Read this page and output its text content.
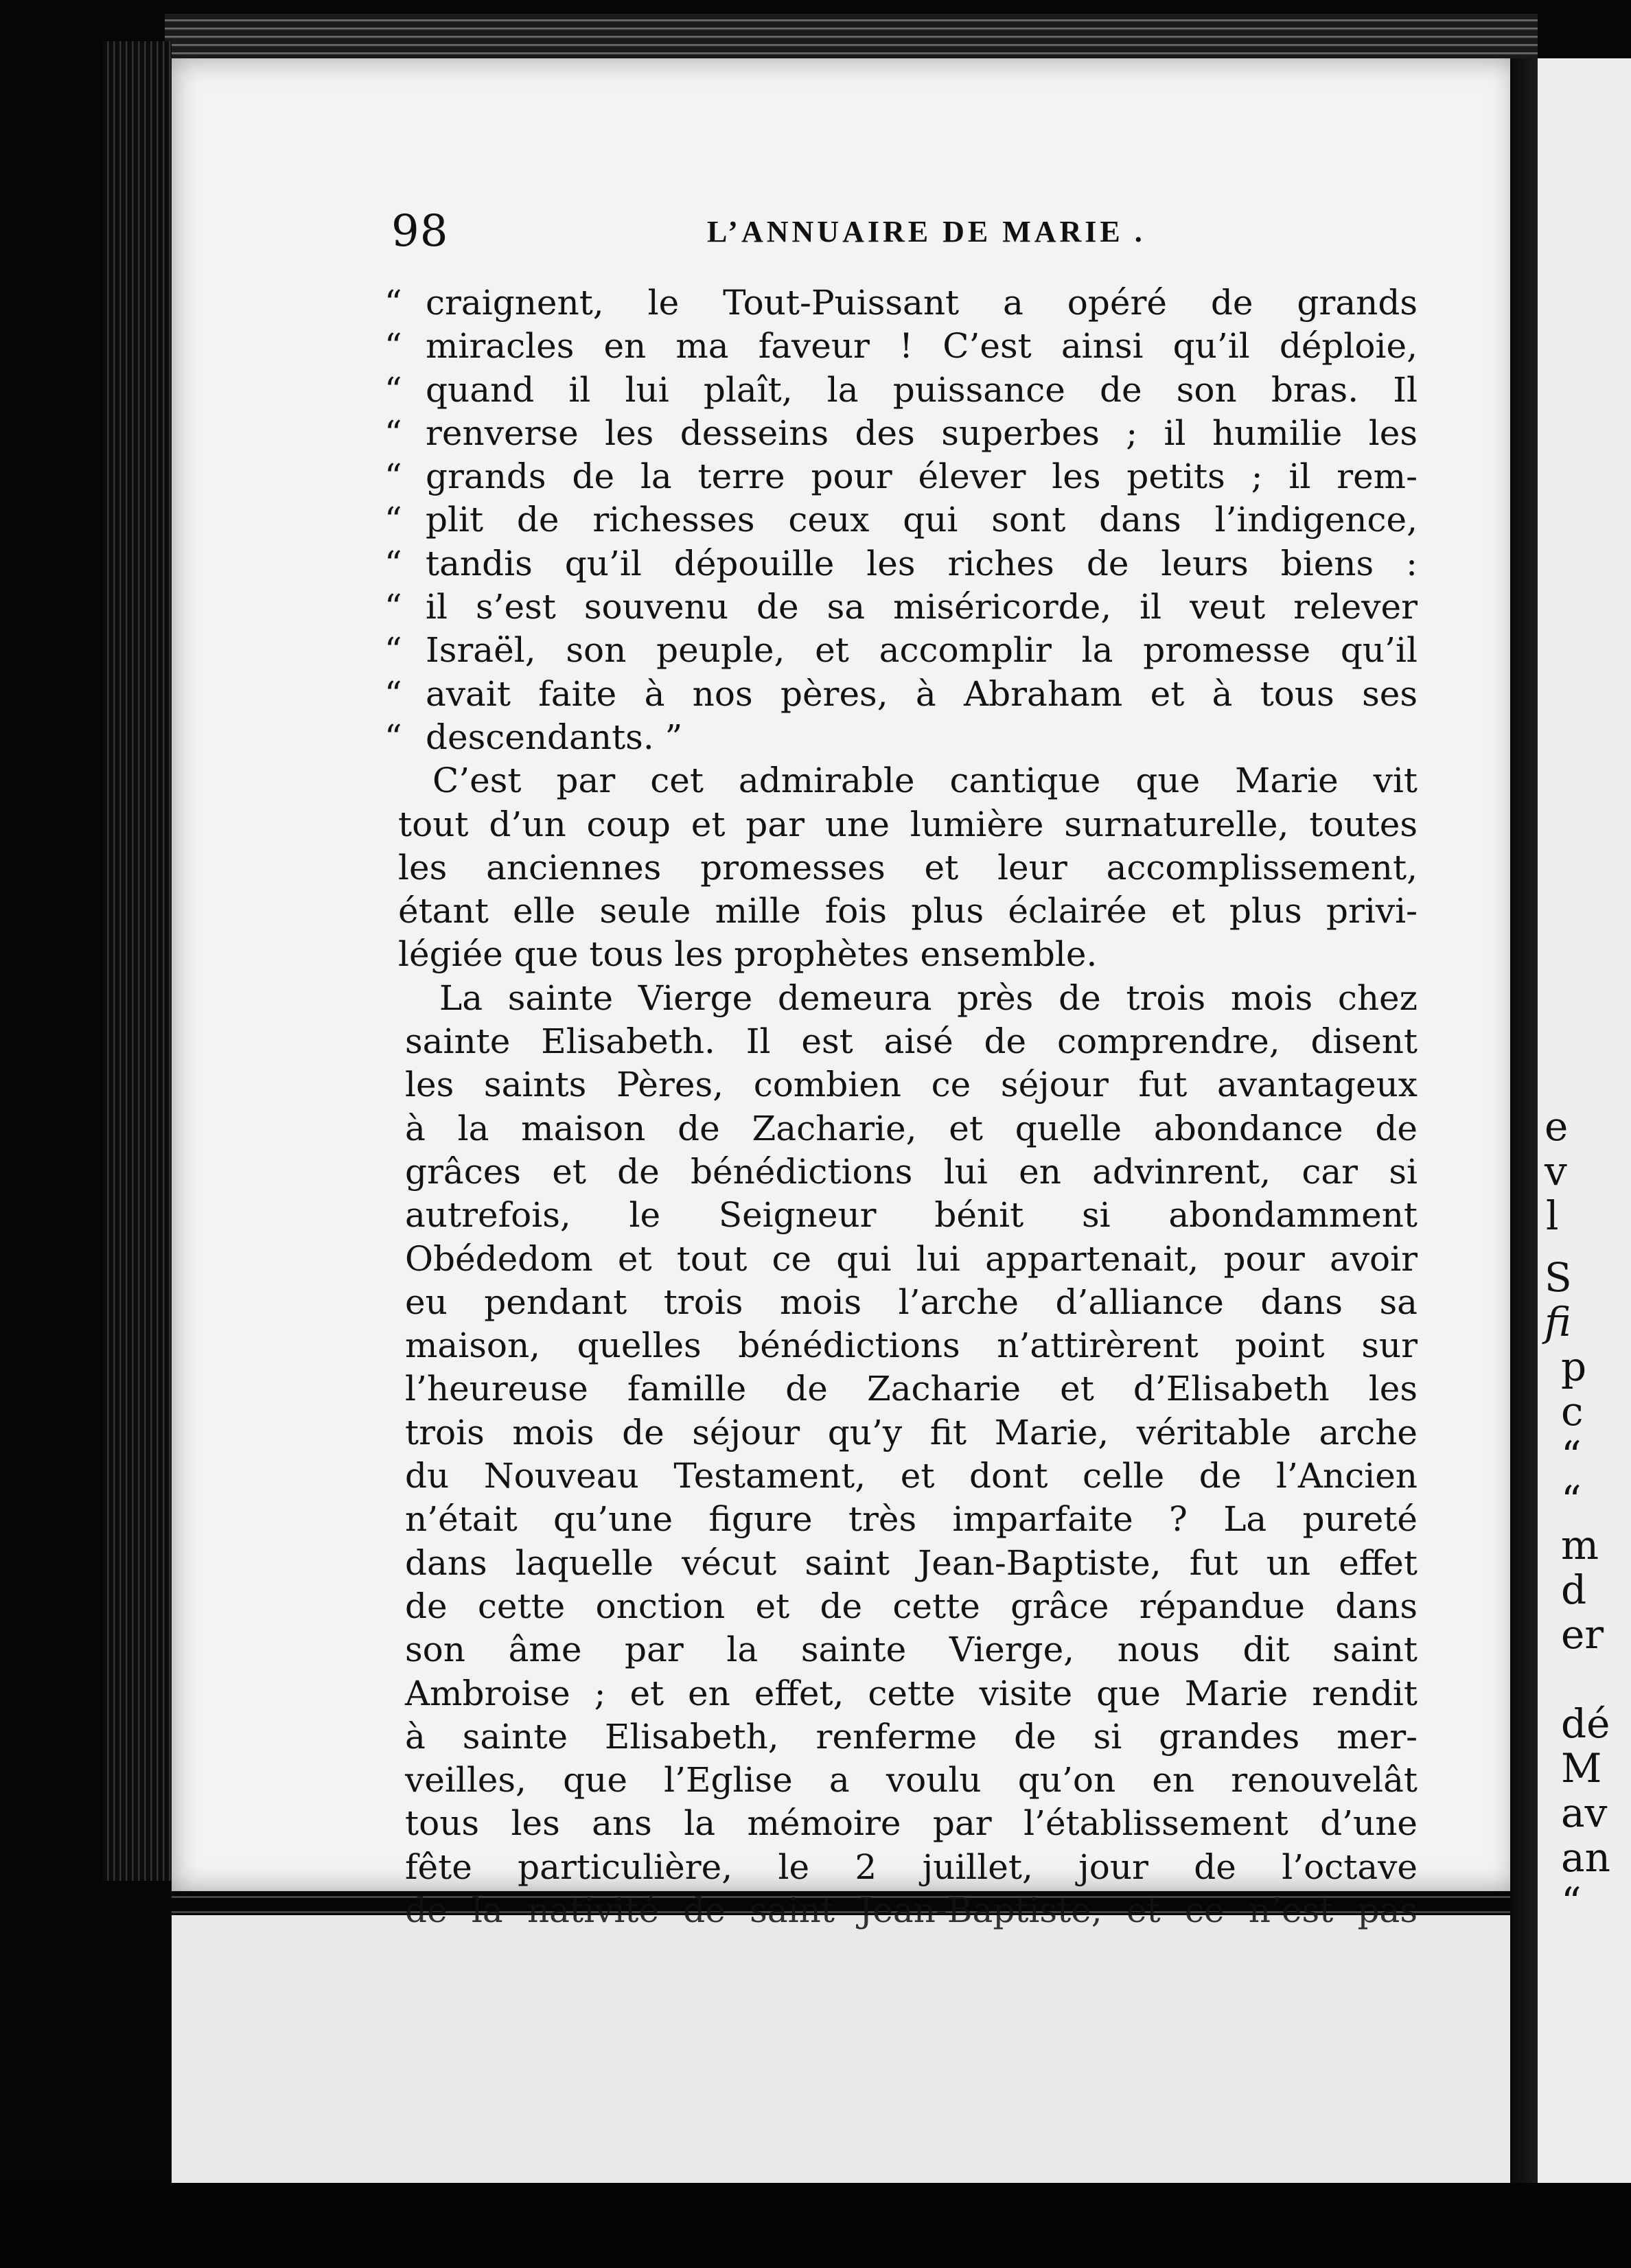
e
v
l
S
fi
p
c
“
“
m
d
er
dé
M
av
an
“
98	L’ANNUAIRE DE MARIE .
“ craignent, le Tout-Puissant a opéré de grands
“ miracles en ma faveur ! C’est ainsi qu’il déploie,
“ quand il lui plaît, la puissance de son bras. Il
“ renverse les desseins des superbes ; il humilie les
“ grands de la terre pour élever les petits ; il rem-
“ plit de richesses ceux qui sont dans l’indigence,
“ tandis qu’il dépouille les riches de leurs biens :
“ il s’est souvenu de sa miséricorde, il veut relever
“ Israël, son peuple, et accomplir la promesse qu’il
“ avait faite à nos pères, à Abraham et à tous ses
“ descendants. ”
C’est par cet admirable cantique que Marie vit
tout d’un coup et par une lumière surnaturelle, toutes
les anciennes promesses et leur accomplissement,
étant elle seule mille fois plus éclairée et plus privi-
légiée que tous les prophètes ensemble.
La sainte Vierge demeura près de trois mois chez
sainte Elisabeth. Il est aisé de comprendre, disent
les saints Pères, combien ce séjour fut avantageux
à la maison de Zacharie, et quelle abondance de
grâces et de bénédictions lui en advinrent, car si
autrefois, le Seigneur bénit si abondamment
Obédedom et tout ce qui lui appartenait, pour avoir
eu pendant trois mois l’arche d’alliance dans sa
maison, quelles bénédictions n’attirèrent point sur
l’heureuse famille de Zacharie et d’Elisabeth les
trois mois de séjour qu’y fit Marie, véritable arche
du Nouveau Testament, et dont celle de l’Ancien
n’était qu’une figure très imparfaite ? La pureté
dans laquelle vécut saint Jean-Baptiste, fut un effet
de cette onction et de cette grâce répandue dans
son âme par la sainte Vierge, nous dit saint
Ambroise ; et en effet, cette visite que Marie rendit
à sainte Elisabeth, renferme de si grandes mer-
veilles, que l’Eglise a voulu qu’on en renouvelât
tous les ans la mémoire par l’établissement d’une
fête particulière, le 2 juillet, jour de l’octave
de la nativité de saint Jean-Baptiste, et ce n’est pas
